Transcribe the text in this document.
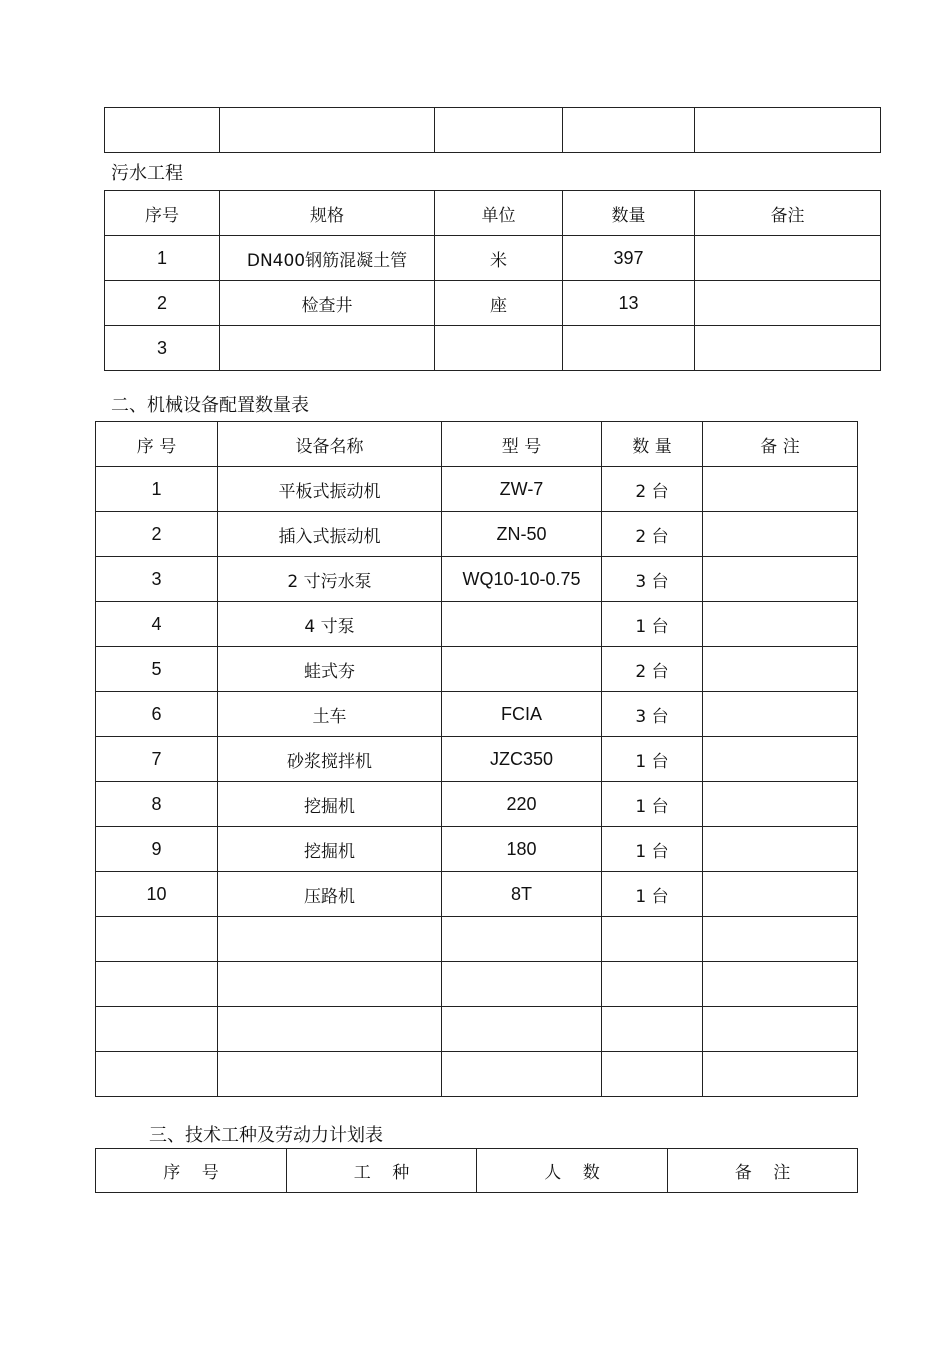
污水工程
序号	规格	单位	数量	备注
1	DN400钢筋混凝土管	米	397	
2	检查井	座	13	
3				
二、机械设备配置数量表
序 号	设备名称	型 号	数 量	备 注
1	平板式振动机	ZW-7	2 台	
2	插入式振动机	ZN-50	2 台	
3	2 寸污水泵	WQ10-10-0.75	3 台	
4	4 寸泵		1 台	
5	蛙式夯		2 台	
6	土车	FCIA	3 台	
7	砂浆搅拌机	JZC350	1 台	
8	挖掘机	220	1 台	
9	挖掘机	180	1 台	
10	压路机	8T	1 台	

三、技术工种及劳动力计划表
序    号	工    种	人    数	备    注
